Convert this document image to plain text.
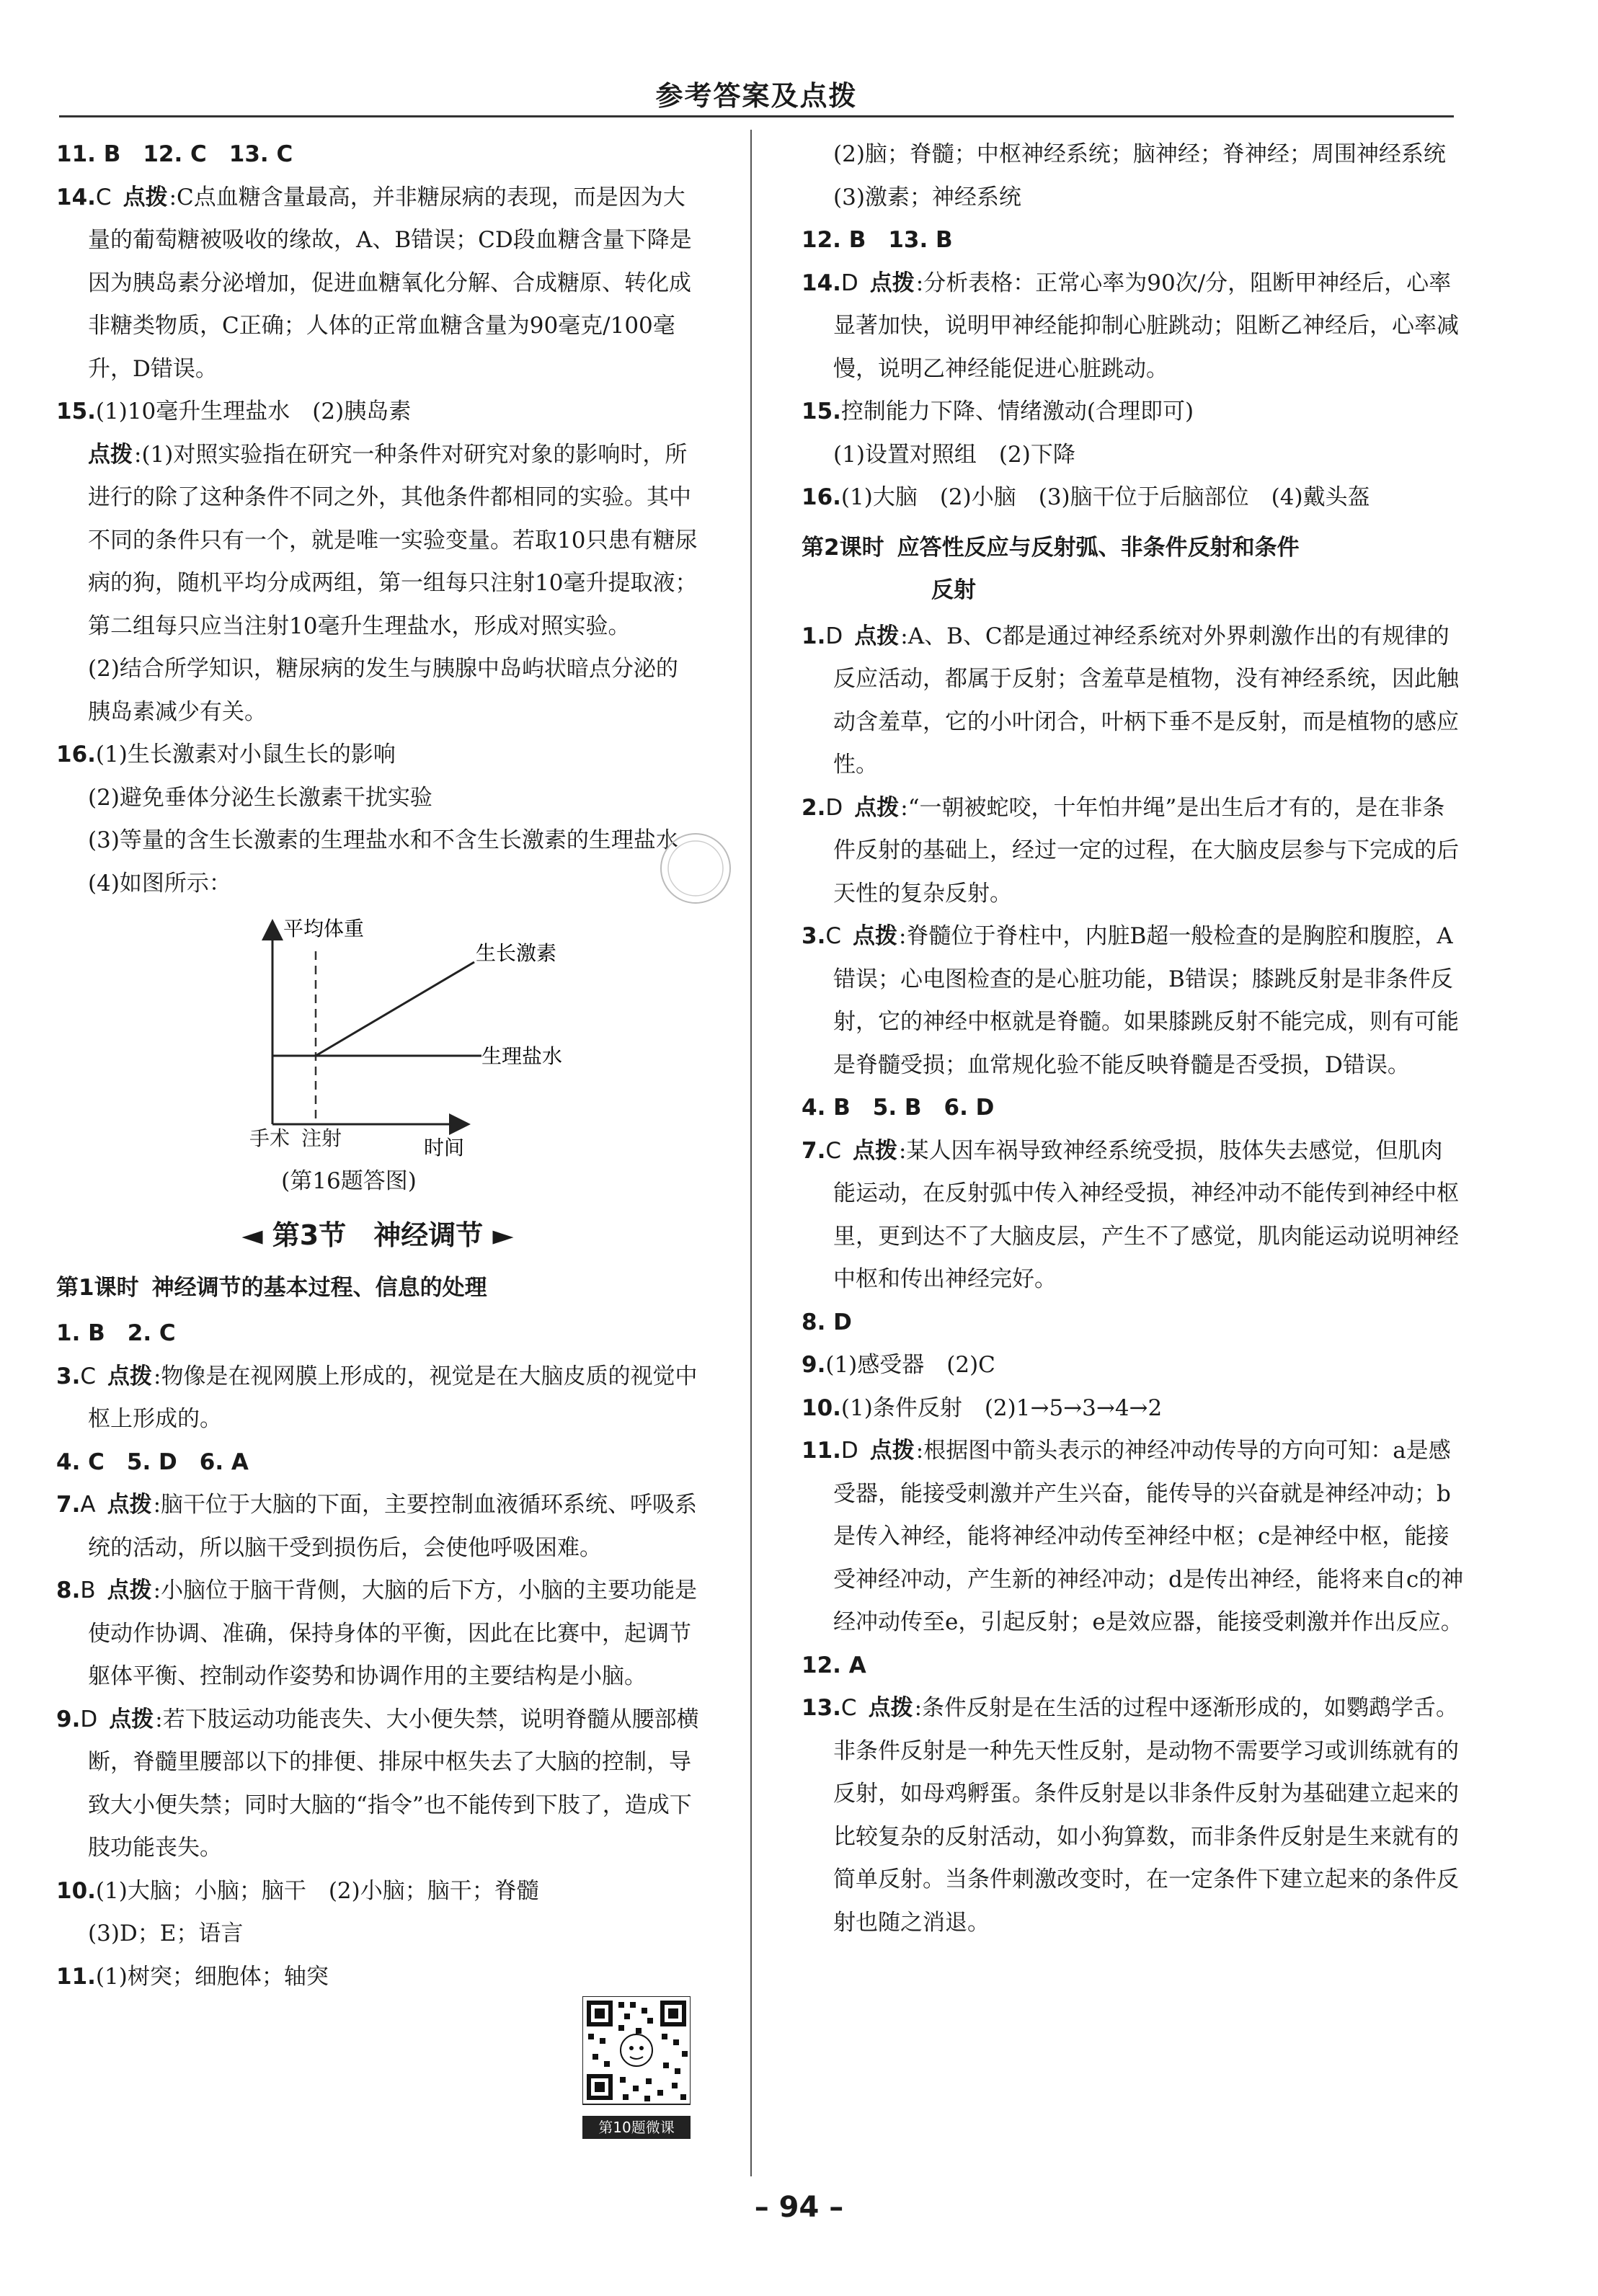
参考答案及点拨

11. B　12. C　13. C

14.C 点拨:C点血糖含量最高，并非糖尿病的表现，而是因为大量的葡萄糖被吸收的缘故，A、B错误；CD段血糖含量下降是因为胰岛素分泌增加，促进血糖氧化分解、合成糖原、转化成非糖类物质，C正确；人体的正常血糖含量为90毫克/100毫升，D错误。

15.(1)10毫升生理盐水　(2)胰岛素

点拨:(1)对照实验指在研究一种条件对研究对象的影响时，所进行的除了这种条件不同之外，其他条件都相同的实验。其中不同的条件只有一个，就是唯一实验变量。若取10只患有糖尿病的狗，随机平均分成两组，第一组每只注射10毫升提取液；第二组每只应当注射10毫升生理盐水，形成对照实验。

(2)结合所学知识，糖尿病的发生与胰腺中岛屿状暗点分泌的胰岛素减少有关。

16.(1)生长激素对小鼠生长的影响

(2)避免垂体分泌生长激素干扰实验

(3)等量的含生长激素的生理盐水和不含生长激素的生理盐水

(4)如图所示：

平均体重
时间
生长激素
生理盐水
手术 注射

(第16题答图)

◄ 第3节　神经调节 ►

第1课时 神经调节的基本过程、信息的处理

1. B　2. C

3.C 点拨:物像是在视网膜上形成的，视觉是在大脑皮质的视觉中枢上形成的。

4. C　5. D　6. A

7.A 点拨:脑干位于大脑的下面，主要控制血液循环系统、呼吸系统的活动，所以脑干受到损伤后，会使他呼吸困难。

8.B 点拨:小脑位于脑干背侧，大脑的后下方，小脑的主要功能是使动作协调、准确，保持身体的平衡，因此在比赛中，起调节躯体平衡、控制动作姿势和协调作用的主要结构是小脑。

9.D 点拨:若下肢运动功能丧失、大小便失禁，说明脊髓从腰部横断，脊髓里腰部以下的排便、排尿中枢失去了大脑的控制，导致大小便失禁；同时大脑的“指令”也不能传到下肢了，造成下肢功能丧失。

10.(1)大脑；小脑；脑干　(2)小脑；脑干；脊髓

(3)D；E；语言

11.(1)树突；细胞体；轴突

第10题微课

(2)脑；脊髓；中枢神经系统；脑神经；脊神经；周围神经系统

(3)激素；神经系统

12. B　13. B

14.D 点拨:分析表格：正常心率为90次/分，阻断甲神经后，心率显著加快，说明甲神经能抑制心脏跳动；阻断乙神经后，心率减慢，说明乙神经能促进心脏跳动。

15.控制能力下降、情绪激动(合理即可)

(1)设置对照组　(2)下降

16.(1)大脑　(2)小脑　(3)脑干位于后脑部位　(4)戴头盔

第2课时 应答性反应与反射弧、非条件反射和条件
反射

1.D 点拨:A、B、C都是通过神经系统对外界刺激作出的有规律的反应活动，都属于反射；含羞草是植物，没有神经系统，因此触动含羞草，它的小叶闭合，叶柄下垂不是反射，而是植物的感应性。

2.D 点拨:“一朝被蛇咬，十年怕井绳”是出生后才有的，是在非条件反射的基础上，经过一定的过程，在大脑皮层参与下完成的后天性的复杂反射。

3.C 点拨:脊髓位于脊柱中，内脏B超一般检查的是胸腔和腹腔，A错误；心电图检查的是心脏功能，B错误；膝跳反射是非条件反射，它的神经中枢就是脊髓。如果膝跳反射不能完成，则有可能是脊髓受损；血常规化验不能反映脊髓是否受损，D错误。

4. B　5. B　6. D

7.C 点拨:某人因车祸导致神经系统受损，肢体失去感觉，但肌肉能运动，在反射弧中传入神经受损，神经冲动不能传到神经中枢里，更到达不了大脑皮层，产生不了感觉，肌肉能运动说明神经中枢和传出神经完好。

8. D

9.(1)感受器　(2)C

10.(1)条件反射　(2)1→5→3→4→2

11.D 点拨:根据图中箭头表示的神经冲动传导的方向可知：a是感受器，能接受刺激并产生兴奋，能传导的兴奋就是神经冲动；b是传入神经，能将神经冲动传至神经中枢；c是神经中枢，能接受神经冲动，产生新的神经冲动；d是传出神经，能将来自c的神经冲动传至e，引起反射；e是效应器，能接受刺激并作出反应。

12. A

13.C 点拨:条件反射是在生活的过程中逐渐形成的，如鹦鹉学舌。非条件反射是一种先天性反射，是动物不需要学习或训练就有的反射，如母鸡孵蛋。条件反射是以非条件反射为基础建立起来的比较复杂的反射活动，如小狗算数，而非条件反射是生来就有的简单反射。当条件刺激改变时，在一定条件下建立起来的条件反射也随之消退。

– 94 –
